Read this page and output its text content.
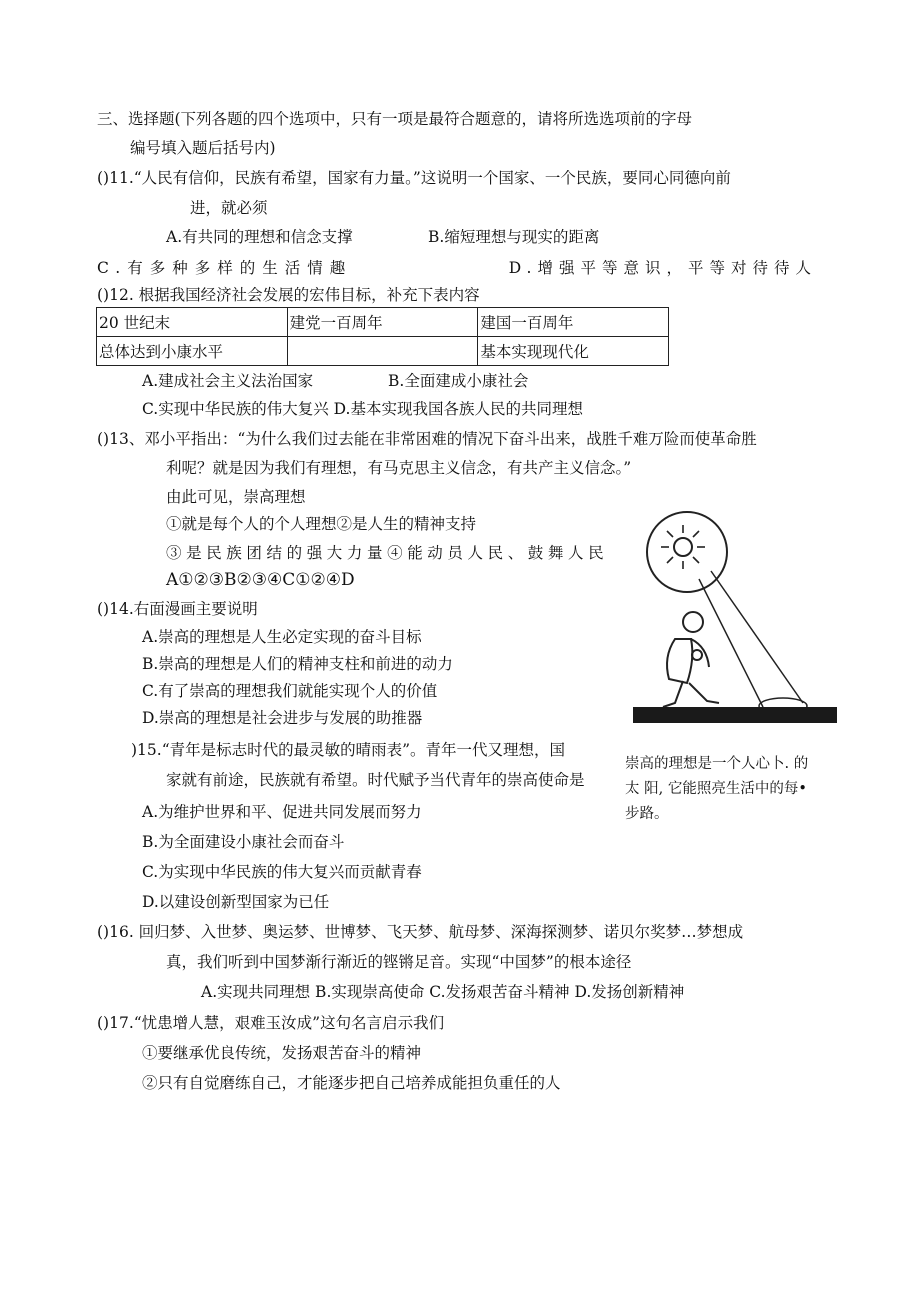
三、选择题(下列各题的四个选项中，只有一项是最符合题意的，请将所选选项前的字母
编号填入题后括号内)
()11.“人民有信仰，民族有希望，国家有力量。”这说明一个国家、一个民族，要同心同德向前
进，就必须
A.有共同的理想和信念支撑	B.缩短理想与现实的距离
C.有多种多样的生活情趣	D.增强平等意识，平等对待待人
()12. 根据我国经济社会发展的宏伟目标，补充下表内容
20 世纪末	建党一百周年	建国一百周年
总体达到小康水平		基本实现现代化
A.建成社会主义法治国家	B.全面建成小康社会
C.实现中华民族的伟大复兴 D.基本实现我国各族人民的共同理想
()13、邓小平指出：“为什么我们过去能在非常困难的情况下奋斗出来，战胜千难万险而使革命胜
利呢？就是因为我们有理想，有马克思主义信念，有共产主义信念。”
由此可见，崇高理想
①就是每个人的个人理想②是人生的精神支持
③是民族团结的强大力量④能动员人民、鼓舞人民
A①②③B②③④C①②④D
()14.右面漫画主要说明
A.崇高的理想是人生必定实现的奋斗目标
B.崇高的理想是人们的精神支柱和前进的动力
C.有了崇高的理想我们就能实现个人的价值
D.崇高的理想是社会进步与发展的助推器
崇高的理想是一个人心卜. 的
太 阳, 它能照亮生活中的每•
步路。
)15.“青年是标志时代的最灵敏的晴雨表”。青年一代又理想，国
家就有前途，民族就有希望。时代赋予当代青年的崇高使命是
A.为维护世界和平、促进共同发展而努力
B.为全面建设小康社会而奋斗
C.为实现中华民族的伟大复兴而贡献青春
D.以建设创新型国家为已任
()16. 回归梦、入世梦、奥运梦、世博梦、飞天梦、航母梦、深海探测梦、诺贝尔奖梦…梦想成
真，我们听到中国梦渐行渐近的铿锵足音。实现“中国梦”的根本途径
A.实现共同理想 B.实现崇高使命 C.发扬艰苦奋斗精神 D.发扬创新精神
()17.“忧患增人慧，艰难玉汝成”这句名言启示我们
①要继承优良传统，发扬艰苦奋斗的精神
②只有自觉磨练自己，才能逐步把自己培养成能担负重任的人
